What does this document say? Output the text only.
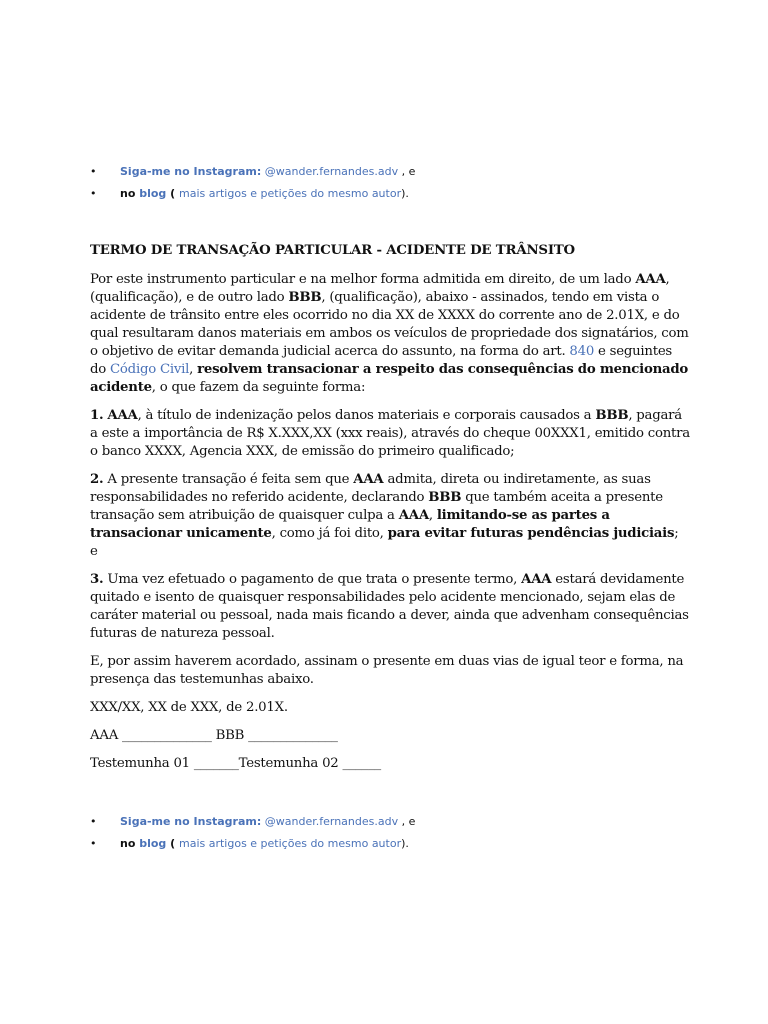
• Siga-me no Instagram: @wander.fernandes.adv , e
• no blog ( mais artigos e petições do mesmo autor).
TERMO DE TRANSAÇÃO PARTICULAR - ACIDENTE DE TRÂNSITO

Por este instrumento particular e na melhor forma admitida em direito, de um lado AAA, (qualificação), e de outro lado BBB, (qualificação), abaixo - assinados, tendo em vista o acidente de trânsito entre eles ocorrido no dia XX de XXXX do corrente ano de 2.01X, e do qual resultaram danos materiais em ambos os veículos de propriedade dos signatários, com o objetivo de evitar demanda judicial acerca do assunto, na forma do art. 840 e seguintes do Código Civil, resolvem transacionar a respeito das consequências do mencionado acidente, o que fazem da seguinte forma:

1. AAA, à título de indenização pelos danos materiais e corporais causados a BBB, pagará a este a importância de R$ X.XXX,XX (xxx reais), através do cheque 00XXX1, emitido contra o banco XXXX, Agencia XXX, de emissão do primeiro qualificado;

2. A presente transação é feita sem que AAA admita, direta ou indiretamente, as suas responsabilidades no referido acidente, declarando BBB que também aceita a presente transação sem atribuição de quaisquer culpa a AAA, limitando-se as partes a transacionar unicamente, como já foi dito, para evitar futuras pendências judiciais; e

3. Uma vez efetuado o pagamento de que trata o presente termo, AAA estará devidamente quitado e isento de quaisquer responsabilidades pelo acidente mencionado, sejam elas de caráter material ou pessoal, nada mais ficando a dever, ainda que advenham consequências futuras de natureza pessoal.

E, por assim haverem acordado, assinam o presente em duas vias de igual teor e forma, na presença das testemunhas abaixo.

XXX/XX, XX de XXX, de 2.01X.

AAA ______________ BBB ______________

Testemunha 01 _______Testemunha 02 ______

• Siga-me no Instagram: @wander.fernandes.adv , e
• no blog ( mais artigos e petições do mesmo autor).
